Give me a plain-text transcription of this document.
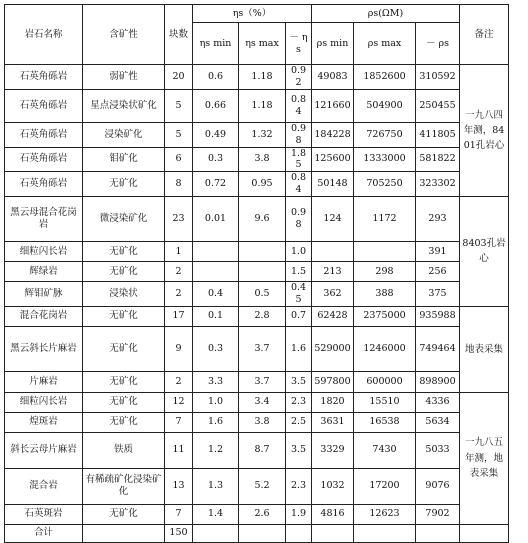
岩石名称	含矿性	块数	ηs（%）			ρs(ΩM)			备注
			ηs min	ηs max	－ ηs	ρs min	ρs max	－ ρs	
石英角砾岩	弱矿性	20	0.6	1.18	0.92	49083	1852600	310592	一九八四年测，8401孔岩心
石英角砾岩	星点浸染状矿化	5	0.66	1.18	0.84	121660	504900	250455	
石英角砾岩	浸染矿化	5	0.49	1.32	0.98	184228	726750	411805	
石英角砾岩	钼矿化	6	0.3	3.8	1.85	125600	1333000	581822	
石英角砾岩	无矿化	8	0.72	0.95	0.84	50148	705250	323302	
黑云母混合花岗岩	微浸染矿化	23	0.01	9.6	0.98	124	1172	293	8403孔岩心
细粒闪长岩	无矿化	1			1.0			391	
辉绿岩	无矿化	2			1.5	213	298	256	
辉钼矿脉	浸染状	2	0.4	0.5	0.45	362	388	375	
混合花岗岩	无矿化	17	0.1	2.8	0.7	62428	2375000	935988	地表采集
黑云斜长片麻岩	无矿化	9	0.3	3.7	1.6	529000	1246000	749464	
片麻岩	无矿化	2	3.3	3.7	3.5	597800	600000	898900	
细粒闪长岩	无矿化	12	1.0	3.4	2.3	1820	15510	4336	一九八五年测，地表采集
煌斑岩	无矿化	7	1.6	3.8	2.5	3631	16538	5634	
斜长云母片麻岩	铁质	11	1.2	8.7	3.5	3329	7430	5033	
混合岩	有稀疏矿化浸染矿化	13	1.3	5.2	2.3	1032	17200	9076	
石英斑岩	无矿化	7	1.4	2.6	1.9	4816	12623	7902	
合计		150							
